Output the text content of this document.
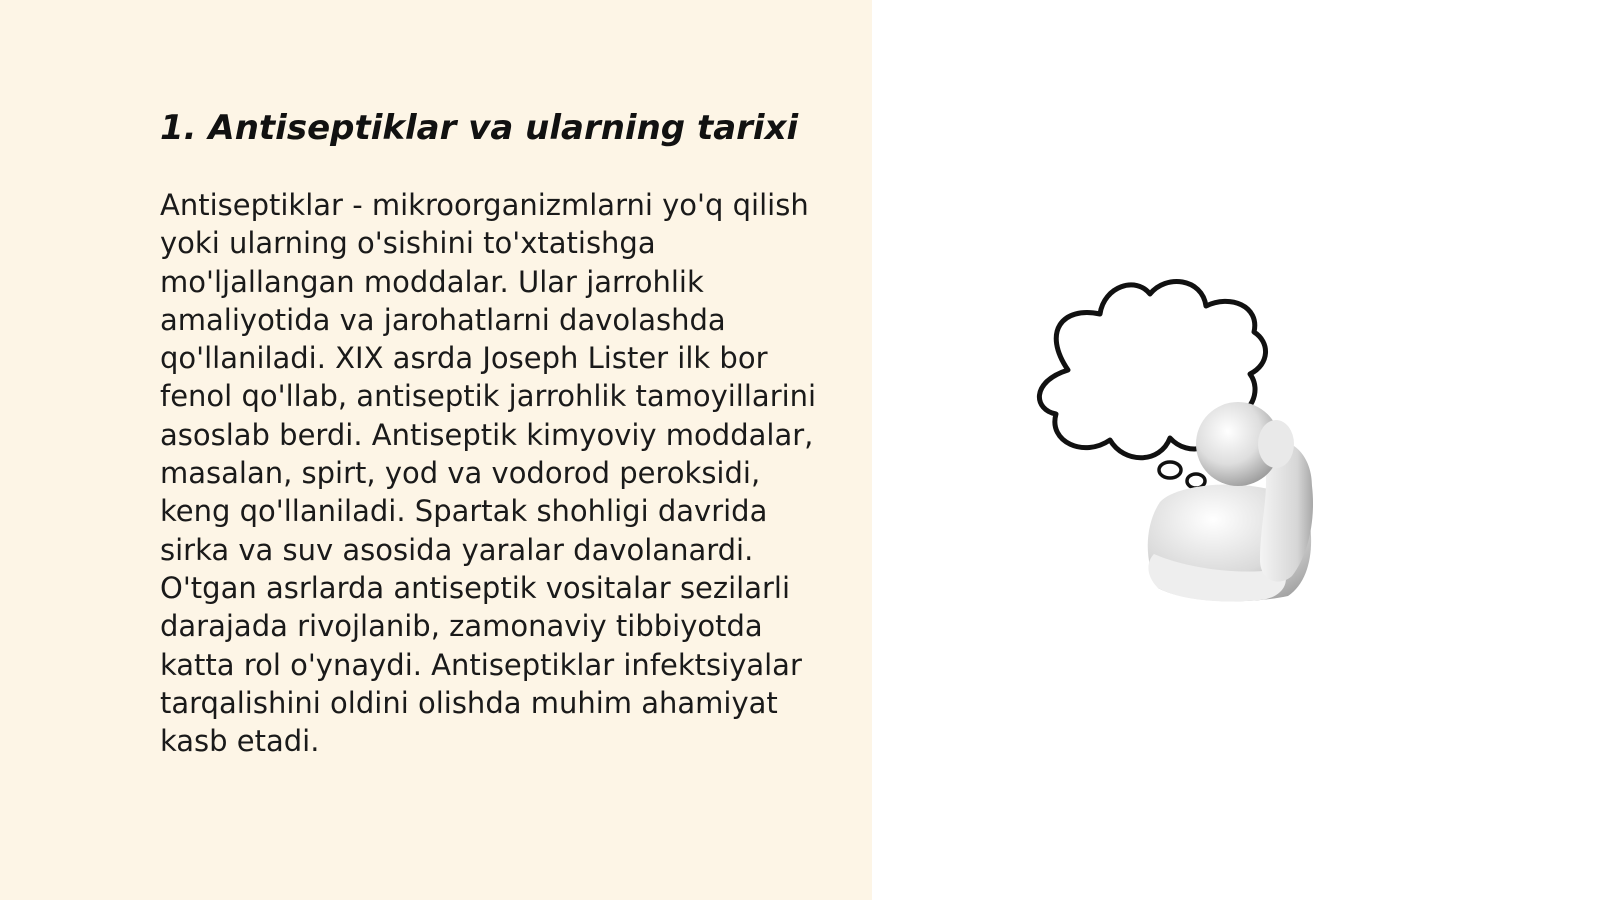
1. Antiseptiklar va ularning tarixi

Antiseptiklar - mikroorganizmlarni yo'q qilish
yoki ularning o'sishini to'xtatishga
mo'ljallangan moddalar. Ular jarrohlik
amaliyotida va jarohatlarni davolashda
qo'llaniladi. XIX asrda Joseph Lister ilk bor
fenol qo'llab, antiseptik jarrohlik tamoyillarini
asoslab berdi. Antiseptik kimyoviy moddalar,
masalan, spirt, yod va vodorod peroksidi,
keng qo'llaniladi. Spartak shohligi davrida
sirka va suv asosida yaralar davolanardi.
O'tgan asrlarda antiseptik vositalar sezilarli
darajada rivojlanib, zamonaviy tibbiyotda
katta rol o'ynaydi. Antiseptiklar infektsiyalar
tarqalishini oldini olishda muhim ahamiyat
kasb etadi.
